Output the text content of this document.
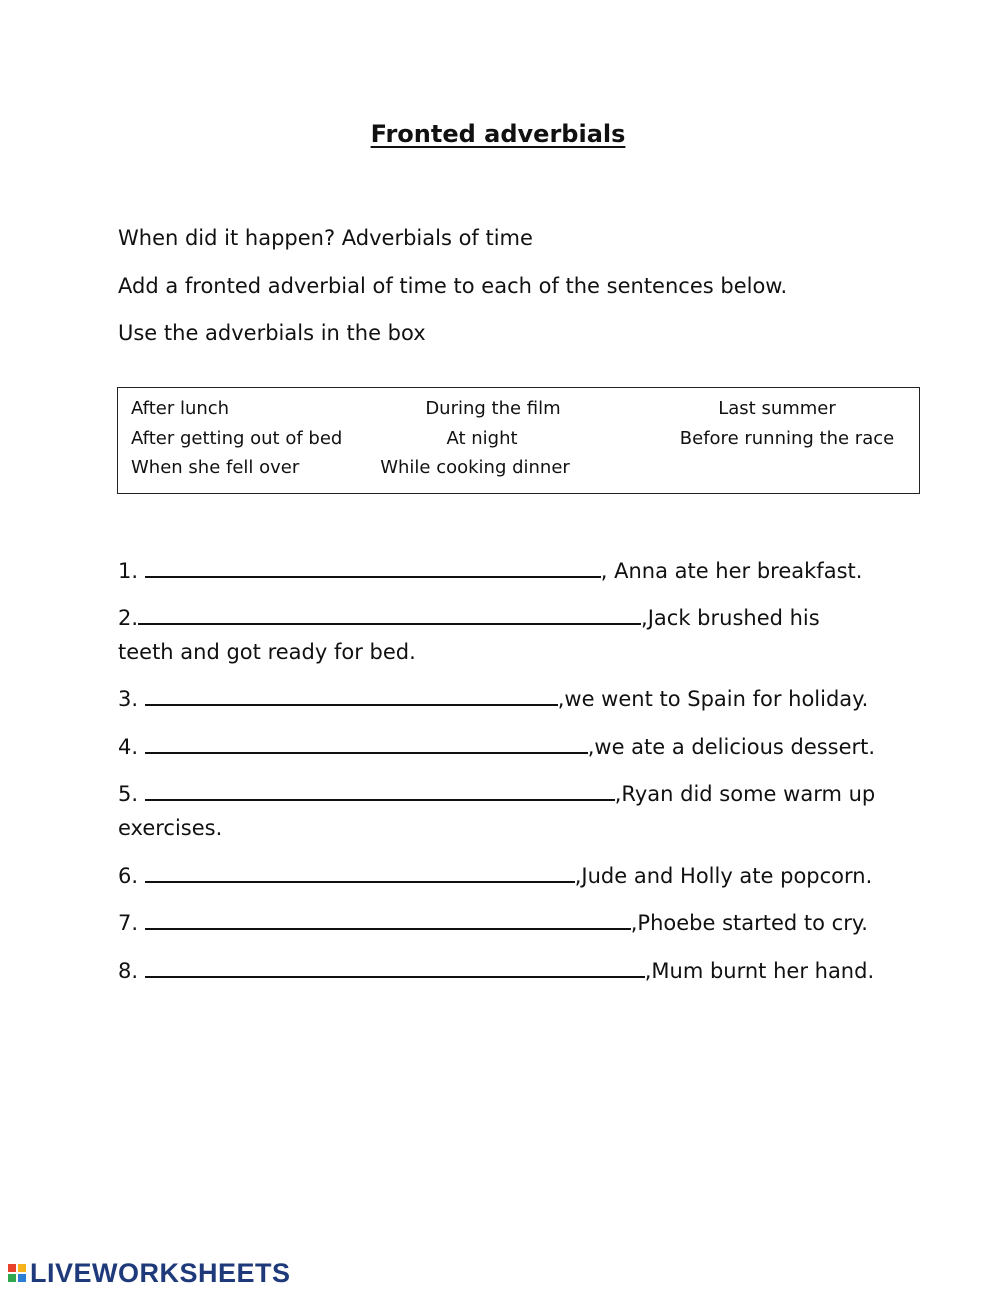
Fronted adverbials
When did it happen? Adverbials of time
Add a fronted adverbial of time to each of the sentences below.
Use the adverbials in the box
After lunch	During the film	Last summer
After getting out of bed	At night	Before running the race
When she fell over	While cooking dinner
1.	, Anna ate her breakfast.
2.	,Jack brushed his
teeth and got ready for bed.
3.	,we went to Spain for holiday.
4.	,we ate a delicious dessert.
5.	,Ryan did some warm up
exercises.
6.	,Jude and Holly ate popcorn.
7.	,Phoebe started to cry.
8.	,Mum burnt her hand.
LIVEWORKSHEETS
